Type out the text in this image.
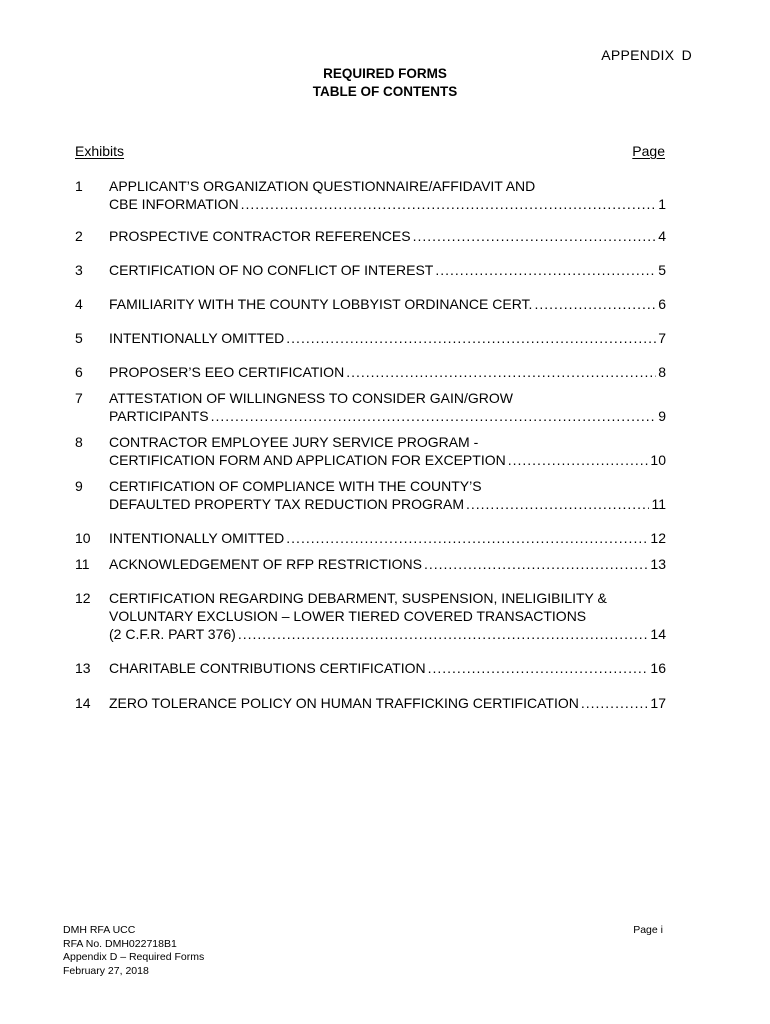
APPENDIX D
REQUIRED FORMS
TABLE OF CONTENTS
Exhibits	Page
1	APPLICANT’S ORGANIZATION QUESTIONNAIRE/AFFIDAVIT AND
CBE INFORMATION .....	1
2	PROSPECTIVE CONTRACTOR REFERENCES .....	4
3	CERTIFICATION OF NO CONFLICT OF INTEREST .....	5
4	FAMILIARITY WITH THE COUNTY LOBBYIST ORDINANCE CERT. .....	6
5	INTENTIONALLY OMITTED .....	7
6	PROPOSER’S EEO CERTIFICATION .....	8
7	ATTESTATION OF WILLINGNESS TO CONSIDER GAIN/GROW
PARTICIPANTS .....	9
8	CONTRACTOR EMPLOYEE JURY SERVICE PROGRAM -
CERTIFICATION FORM AND APPLICATION FOR EXCEPTION .....	10
9	CERTIFICATION OF COMPLIANCE WITH THE COUNTY’S
DEFAULTED PROPERTY TAX REDUCTION PROGRAM .....	11
10	INTENTIONALLY OMITTED .....	12
11	ACKNOWLEDGEMENT OF RFP RESTRICTIONS .....	13
12	CERTIFICATION REGARDING DEBARMENT, SUSPENSION, INELIGIBILITY &
VOLUNTARY EXCLUSION – LOWER TIERED COVERED TRANSACTIONS
(2 C.F.R. PART 376) .....	14
13	CHARITABLE CONTRIBUTIONS CERTIFICATION .....	16
14	ZERO TOLERANCE POLICY ON HUMAN TRAFFICKING CERTIFICATION .....	17
DMH RFA UCC
RFA No. DMH022718B1
Appendix D – Required Forms
February 27, 2018
Page i
